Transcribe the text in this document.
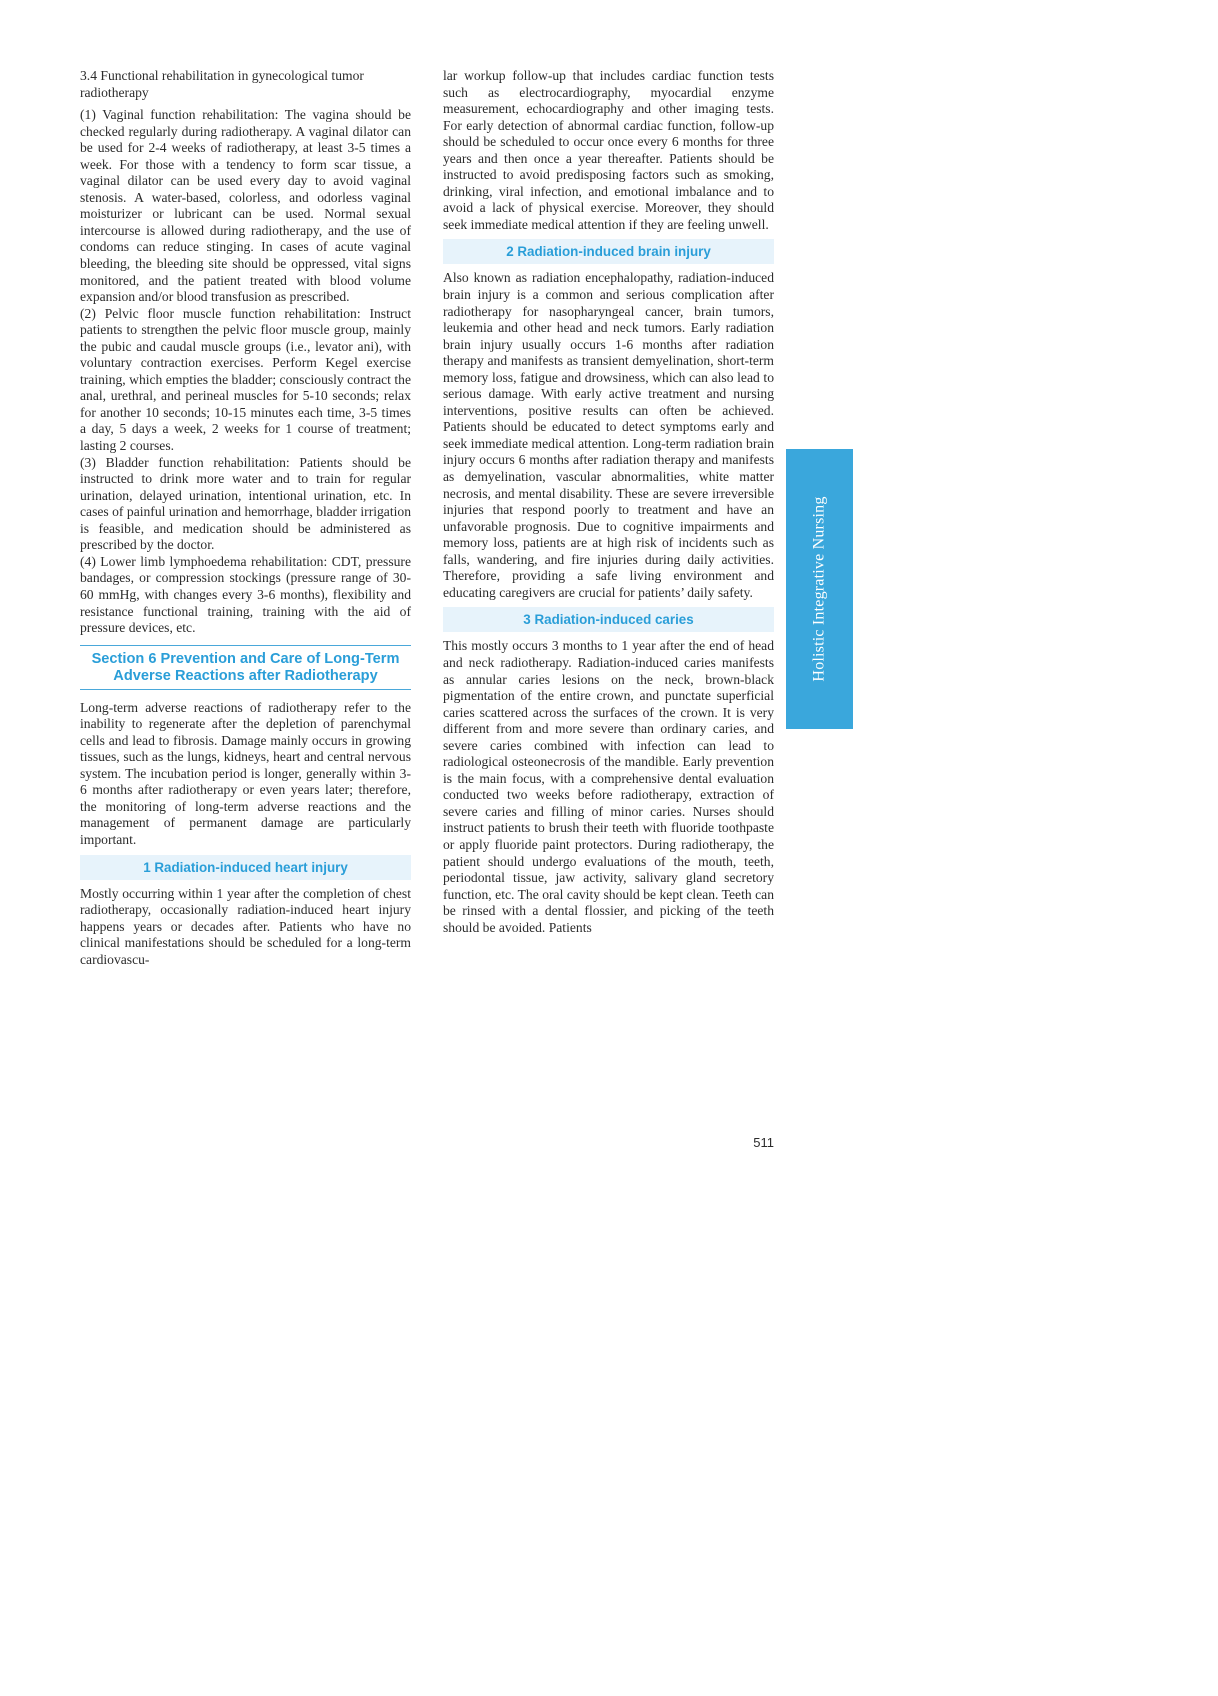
3.4 Functional rehabilitation in gynecological tumor radiotherapy

(1) Vaginal function rehabilitation: The vagina should be checked regularly during radiotherapy. A vaginal dilator can be used for 2-4 weeks of radiotherapy, at least 3-5 times a week. For those with a tendency to form scar tissue, a vaginal dilator can be used every day to avoid vaginal stenosis. A water-based, colorless, and odorless vaginal moisturizer or lubricant can be used. Normal sexual intercourse is allowed during radiotherapy, and the use of condoms can reduce stinging. In cases of acute vaginal bleeding, the bleeding site should be oppressed, vital signs monitored, and the patient treated with blood volume expansion and/or blood transfusion as prescribed.

(2) Pelvic floor muscle function rehabilitation: Instruct patients to strengthen the pelvic floor muscle group, mainly the pubic and caudal muscle groups (i.e., levator ani), with voluntary contraction exercises. Perform Kegel exercise training, which empties the bladder; consciously contract the anal, urethral, and perineal muscles for 5-10 seconds; relax for another 10 seconds; 10-15 minutes each time, 3-5 times a day, 5 days a week, 2 weeks for 1 course of treatment; lasting 2 courses.

(3) Bladder function rehabilitation: Patients should be instructed to drink more water and to train for regular urination, delayed urination, intentional urination, etc. In cases of painful urination and hemorrhage, bladder irrigation is feasible, and medication should be administered as prescribed by the doctor.

(4) Lower limb lymphoedema rehabilitation: CDT, pressure bandages, or compression stockings (pressure range of 30-60 mmHg, with changes every 3-6 months), flexibility and resistance functional training, training with the aid of pressure devices, etc.

Section 6 Prevention and Care of Long-Term Adverse Reactions after Radiotherapy

Long-term adverse reactions of radiotherapy refer to the inability to regenerate after the depletion of parenchymal cells and lead to fibrosis. Damage mainly occurs in growing tissues, such as the lungs, kidneys, heart and central nervous system. The incubation period is longer, generally within 3-6 months after radiotherapy or even years later; therefore, the monitoring of long-term adverse reactions and the management of permanent damage are particularly important.

1 Radiation-induced heart injury

Mostly occurring within 1 year after the completion of chest radiotherapy, occasionally radiation-induced heart injury happens years or decades after. Patients who have no clinical manifestations should be scheduled for a long-term cardiovascu-

lar workup follow-up that includes cardiac function tests such as electrocardiography, myocardial enzyme measurement, echocardiography and other imaging tests. For early detection of abnormal cardiac function, follow-up should be scheduled to occur once every 6 months for three years and then once a year thereafter. Patients should be instructed to avoid predisposing factors such as smoking, drinking, viral infection, and emotional imbalance and to avoid a lack of physical exercise. Moreover, they should seek immediate medical attention if they are feeling unwell.

2 Radiation-induced brain injury

Also known as radiation encephalopathy, radiation-induced brain injury is a common and serious complication after radiotherapy for nasopharyngeal cancer, brain tumors, leukemia and other head and neck tumors. Early radiation brain injury usually occurs 1-6 months after radiation therapy and manifests as transient demyelination, short-term memory loss, fatigue and drowsiness, which can also lead to serious damage. With early active treatment and nursing interventions, positive results can often be achieved. Patients should be educated to detect symptoms early and seek immediate medical attention. Long-term radiation brain injury occurs 6 months after radiation therapy and manifests as demyelination, vascular abnormalities, white matter necrosis, and mental disability. These are severe irreversible injuries that respond poorly to treatment and have an unfavorable prognosis. Due to cognitive impairments and memory loss, patients are at high risk of incidents such as falls, wandering, and fire injuries during daily activities. Therefore, providing a safe living environment and educating caregivers are crucial for patients’ daily safety.

3 Radiation-induced caries

This mostly occurs 3 months to 1 year after the end of head and neck radiotherapy. Radiation-induced caries manifests as annular caries lesions on the neck, brown-black pigmentation of the entire crown, and punctate superficial caries scattered across the surfaces of the crown. It is very different from and more severe than ordinary caries, and severe caries combined with infection can lead to radiological osteonecrosis of the mandible. Early prevention is the main focus, with a comprehensive dental evaluation conducted two weeks before radiotherapy, extraction of severe caries and filling of minor caries. Nurses should instruct patients to brush their teeth with fluoride toothpaste or apply fluoride paint protectors. During radiotherapy, the patient should undergo evaluations of the mouth, teeth, periodontal tissue, jaw activity, salivary gland secretory function, etc. The oral cavity should be kept clean. Teeth can be rinsed with a dental flossier, and picking of the teeth should be avoided. Patients

Holistic Integrative Nursing
511
